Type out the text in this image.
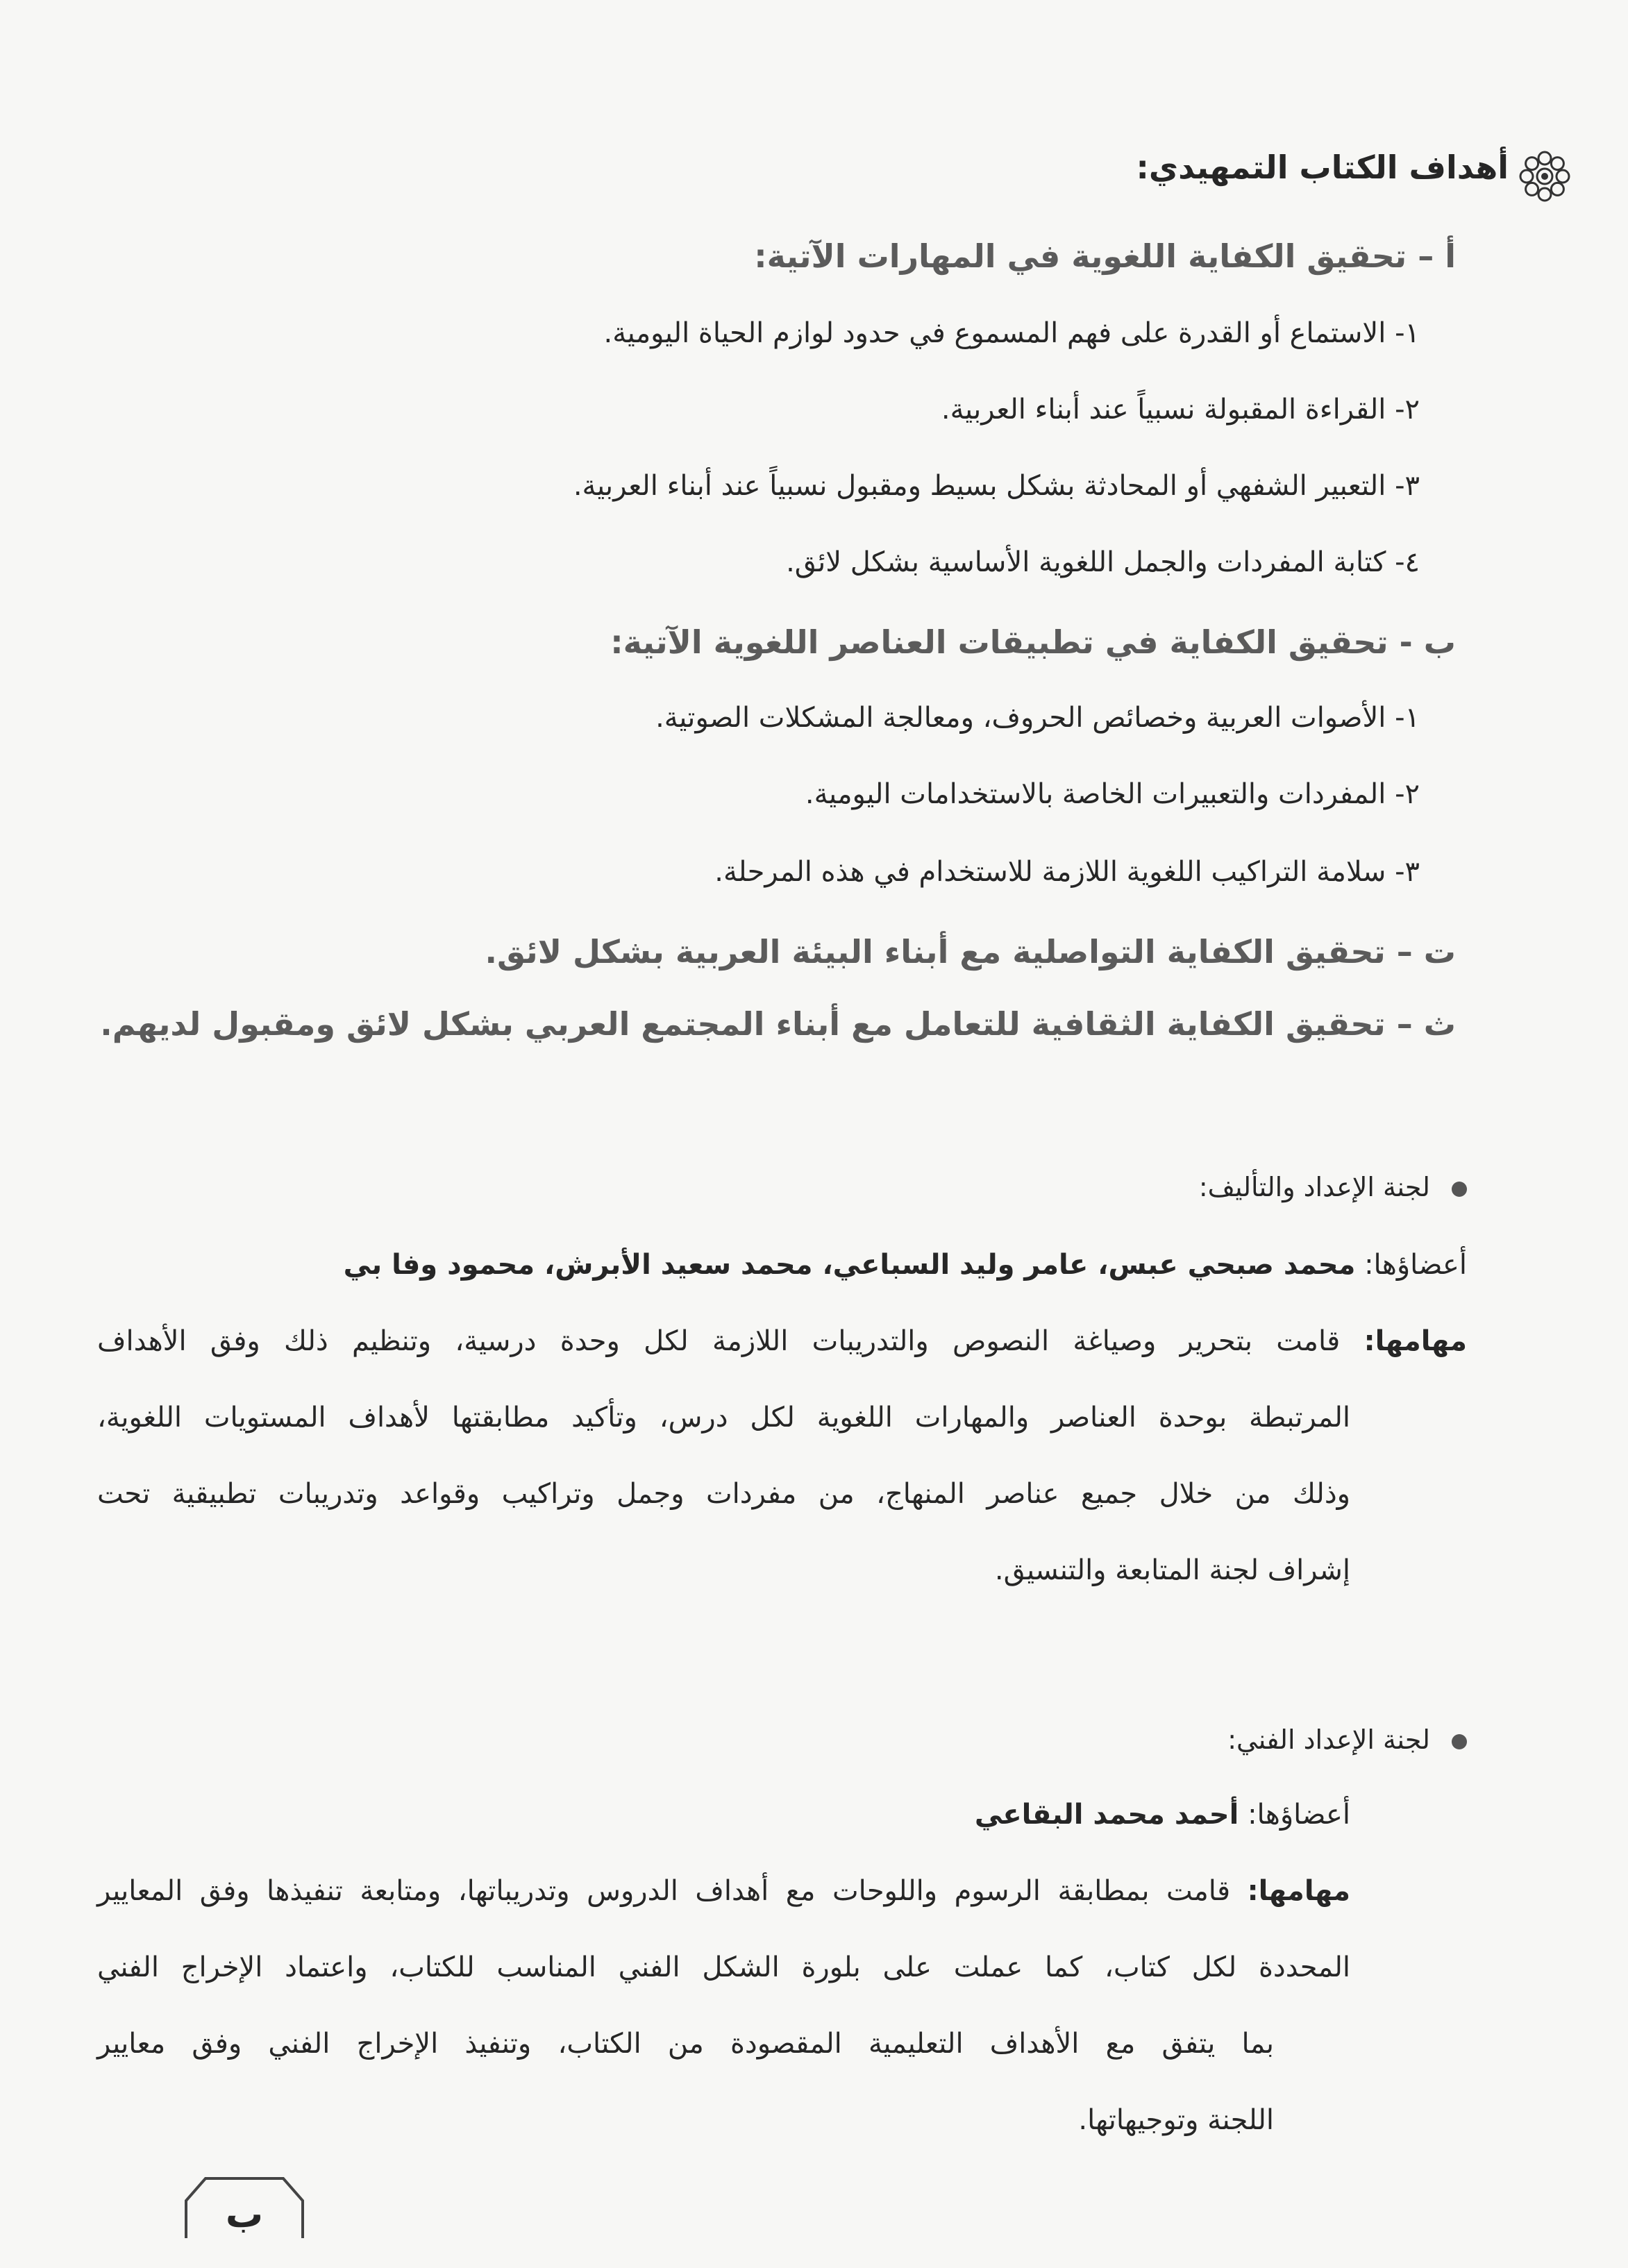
أهداف الكتاب التمهيدي:
أ – تحقيق الكفاية اللغوية في المهارات الآتية:
١- الاستماع أو القدرة على فهم المسموع في حدود لوازم الحياة اليومية.
٢- القراءة المقبولة نسبياً عند أبناء العربية.
٣- التعبير الشفهي أو المحادثة بشكل بسيط ومقبول نسبياً عند أبناء العربية.
٤- كتابة المفردات والجمل اللغوية الأساسية بشكل لائق.
ب - تحقيق الكفاية في تطبيقات العناصر اللغوية الآتية:
١- الأصوات العربية وخصائص الحروف، ومعالجة المشكلات الصوتية.
٢- المفردات والتعبيرات الخاصة بالاستخدامات اليومية.
٣- سلامة التراكيب اللغوية اللازمة للاستخدام في هذه المرحلة.
ت – تحقيق الكفاية التواصلية مع أبناء البيئة العربية بشكل لائق.
ث – تحقيق الكفاية الثقافية للتعامل مع أبناء المجتمع العربي بشكل لائق ومقبول لديهم.
لجنة الإعداد والتأليف:
أعضاؤها: محمد صبحي عبس، عامر وليد السباعي، محمد سعيد الأبرش، محمود وفا بي
مهامها: قامت بتحرير وصياغة النصوص والتدريبات اللازمة لكل وحدة درسية، وتنظيم ذلك وفق الأهداف
المرتبطة بوحدة العناصر والمهارات اللغوية لكل درس، وتأكيد مطابقتها لأهداف المستويات اللغوية،
وذلك من خلال جميع عناصر المنهاج، من مفردات وجمل وتراكيب وقواعد وتدريبات تطبيقية تحت
إشراف لجنة المتابعة والتنسيق.
لجنة الإعداد الفني:
أعضاؤها: أحمد محمد البقاعي
مهامها: قامت بمطابقة الرسوم واللوحات مع أهداف الدروس وتدريباتها، ومتابعة تنفيذها وفق المعايير
المحددة لكل كتاب، كما عملت على بلورة الشكل الفني المناسب للكتاب، واعتماد الإخراج الفني
بما يتفق مع الأهداف التعليمية المقصودة من الكتاب، وتنفيذ الإخراج الفني وفق معايير
اللجنة وتوجيهاتها.
ب
